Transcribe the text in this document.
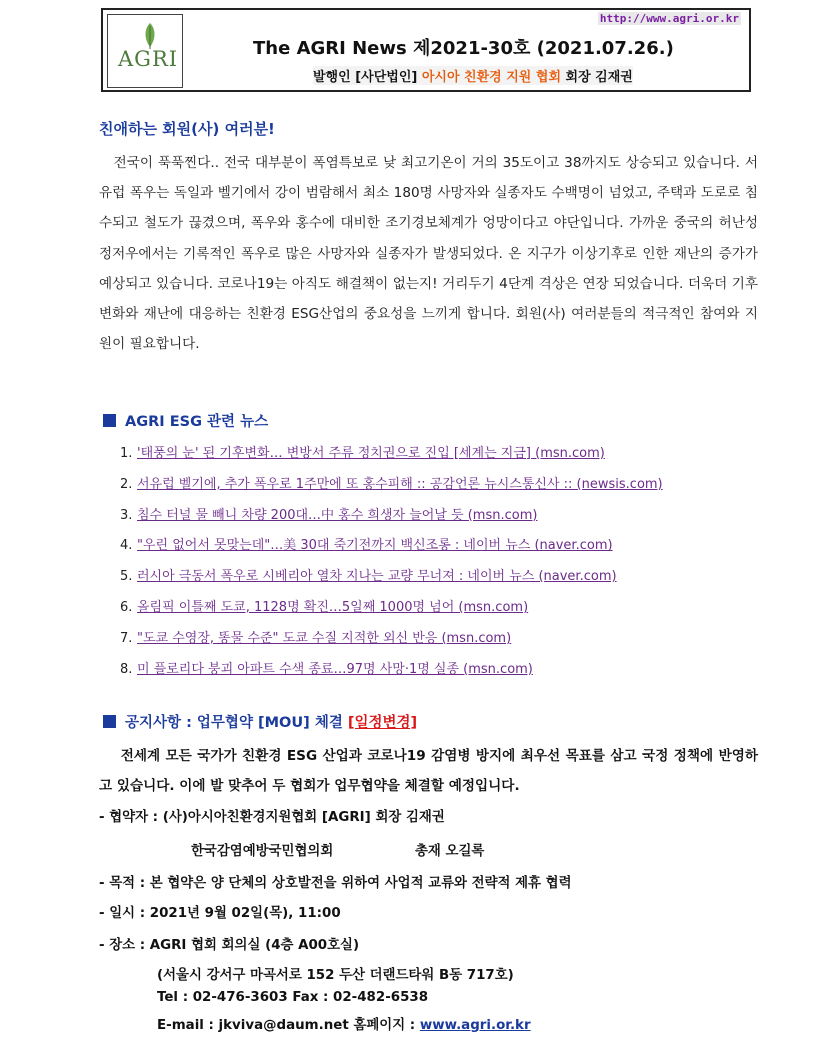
AGRI
http://www.agri.or.kr
The AGRI News 제2021-30호 (2021.07.26.)
발행인 [사단법인] 아시아 친환경 지원 협회 회장 김재권
친애하는 회원(사) 여러분!
전국이 푹푹찐다.. 전국 대부분이 폭염특보로 낮 최고기온이 거의 35도이고 38까지도 상승되고 있습니다. 서유럽 폭우는 독일과 벨기에서 강이 범람해서 최소 180명 사망자와 실종자도 수백명이 넘었고, 주택과 도로로 침수되고 철도가 끊겼으며, 폭우와 홍수에 대비한 조기경보체계가 엉망이다고 야단입니다. 가까운 중국의 허난성 정저우에서는 기록적인 폭우로 많은 사망자와 실종자가 발생되었다. 온 지구가 이상기후로 인한 재난의 증가가 예상되고 있습니다. 코로나19는 아직도 해결책이 없는지! 거리두기 4단계 격상은 연장 되었습니다. 더욱더 기후변화와 재난에 대응하는 친환경 ESG산업의 중요성을 느끼게 합니다. 회원(사) 여러분들의 적극적인 참여와 지원이 필요합니다.
AGRI ESG 관련 뉴스
1. '태풍의 눈' 된 기후변화… 변방서 주류 정치권으로 진입 [세계는 지금] (msn.com)
2. 서유럽 벨기에, 추가 폭우로 1주만에 또 홍수피해 :: 공감언론 뉴시스통신사 :: (newsis.com)
3. 침수 터널 물 빼니 차량 200대…中 홍수 희생자 늘어날 듯 (msn.com)
4. "우린 없어서 못맞는데"…美 30대 죽기전까지 백신조롱 : 네이버 뉴스 (naver.com)
5. 러시아 극동서 폭우로 시베리아 열차 지나는 교량 무너져 : 네이버 뉴스 (naver.com)
6. 올림픽 이틀째 도쿄, 1128명 확진…5일째 1000명 넘어 (msn.com)
7. "도쿄 수영장, 똥물 수준" 도쿄 수질 지적한 외신 반응 (msn.com)
8. 미 플로리다 붕괴 아파트 수색 종료…97명 사망·1명 실종 (msn.com)
공지사항 : 업무협약 [MOU] 체결 [일정변경]
전세계 모든 국가가 친환경 ESG 산업과 코로나19 감염병 방지에 최우선 목표를 삼고 국정 정책에 반영하고 있습니다. 이에 발 맞추어 두 협회가 업무협약을 체결할 예정입니다.
- 협약자 : (사)아시아친환경지원협회 [AGRI] 회장 김재권
한국감염예방국민협의회	총재 오길록
- 목적 : 본 협약은 양 단체의 상호발전을 위하여 사업적 교류와 전략적 제휴 협력
- 일시 : 2021년 9월 02일(목), 11:00
- 장소 : AGRI 협회 회의실 (4층 A00호실)
(서울시 강서구 마곡서로 152 두산 더랜드타워 B동 717호)
Tel : 02-476-3603 Fax : 02-482-6538
E-mail : jkviva@daum.net 홈페이지 : www.agri.or.kr
